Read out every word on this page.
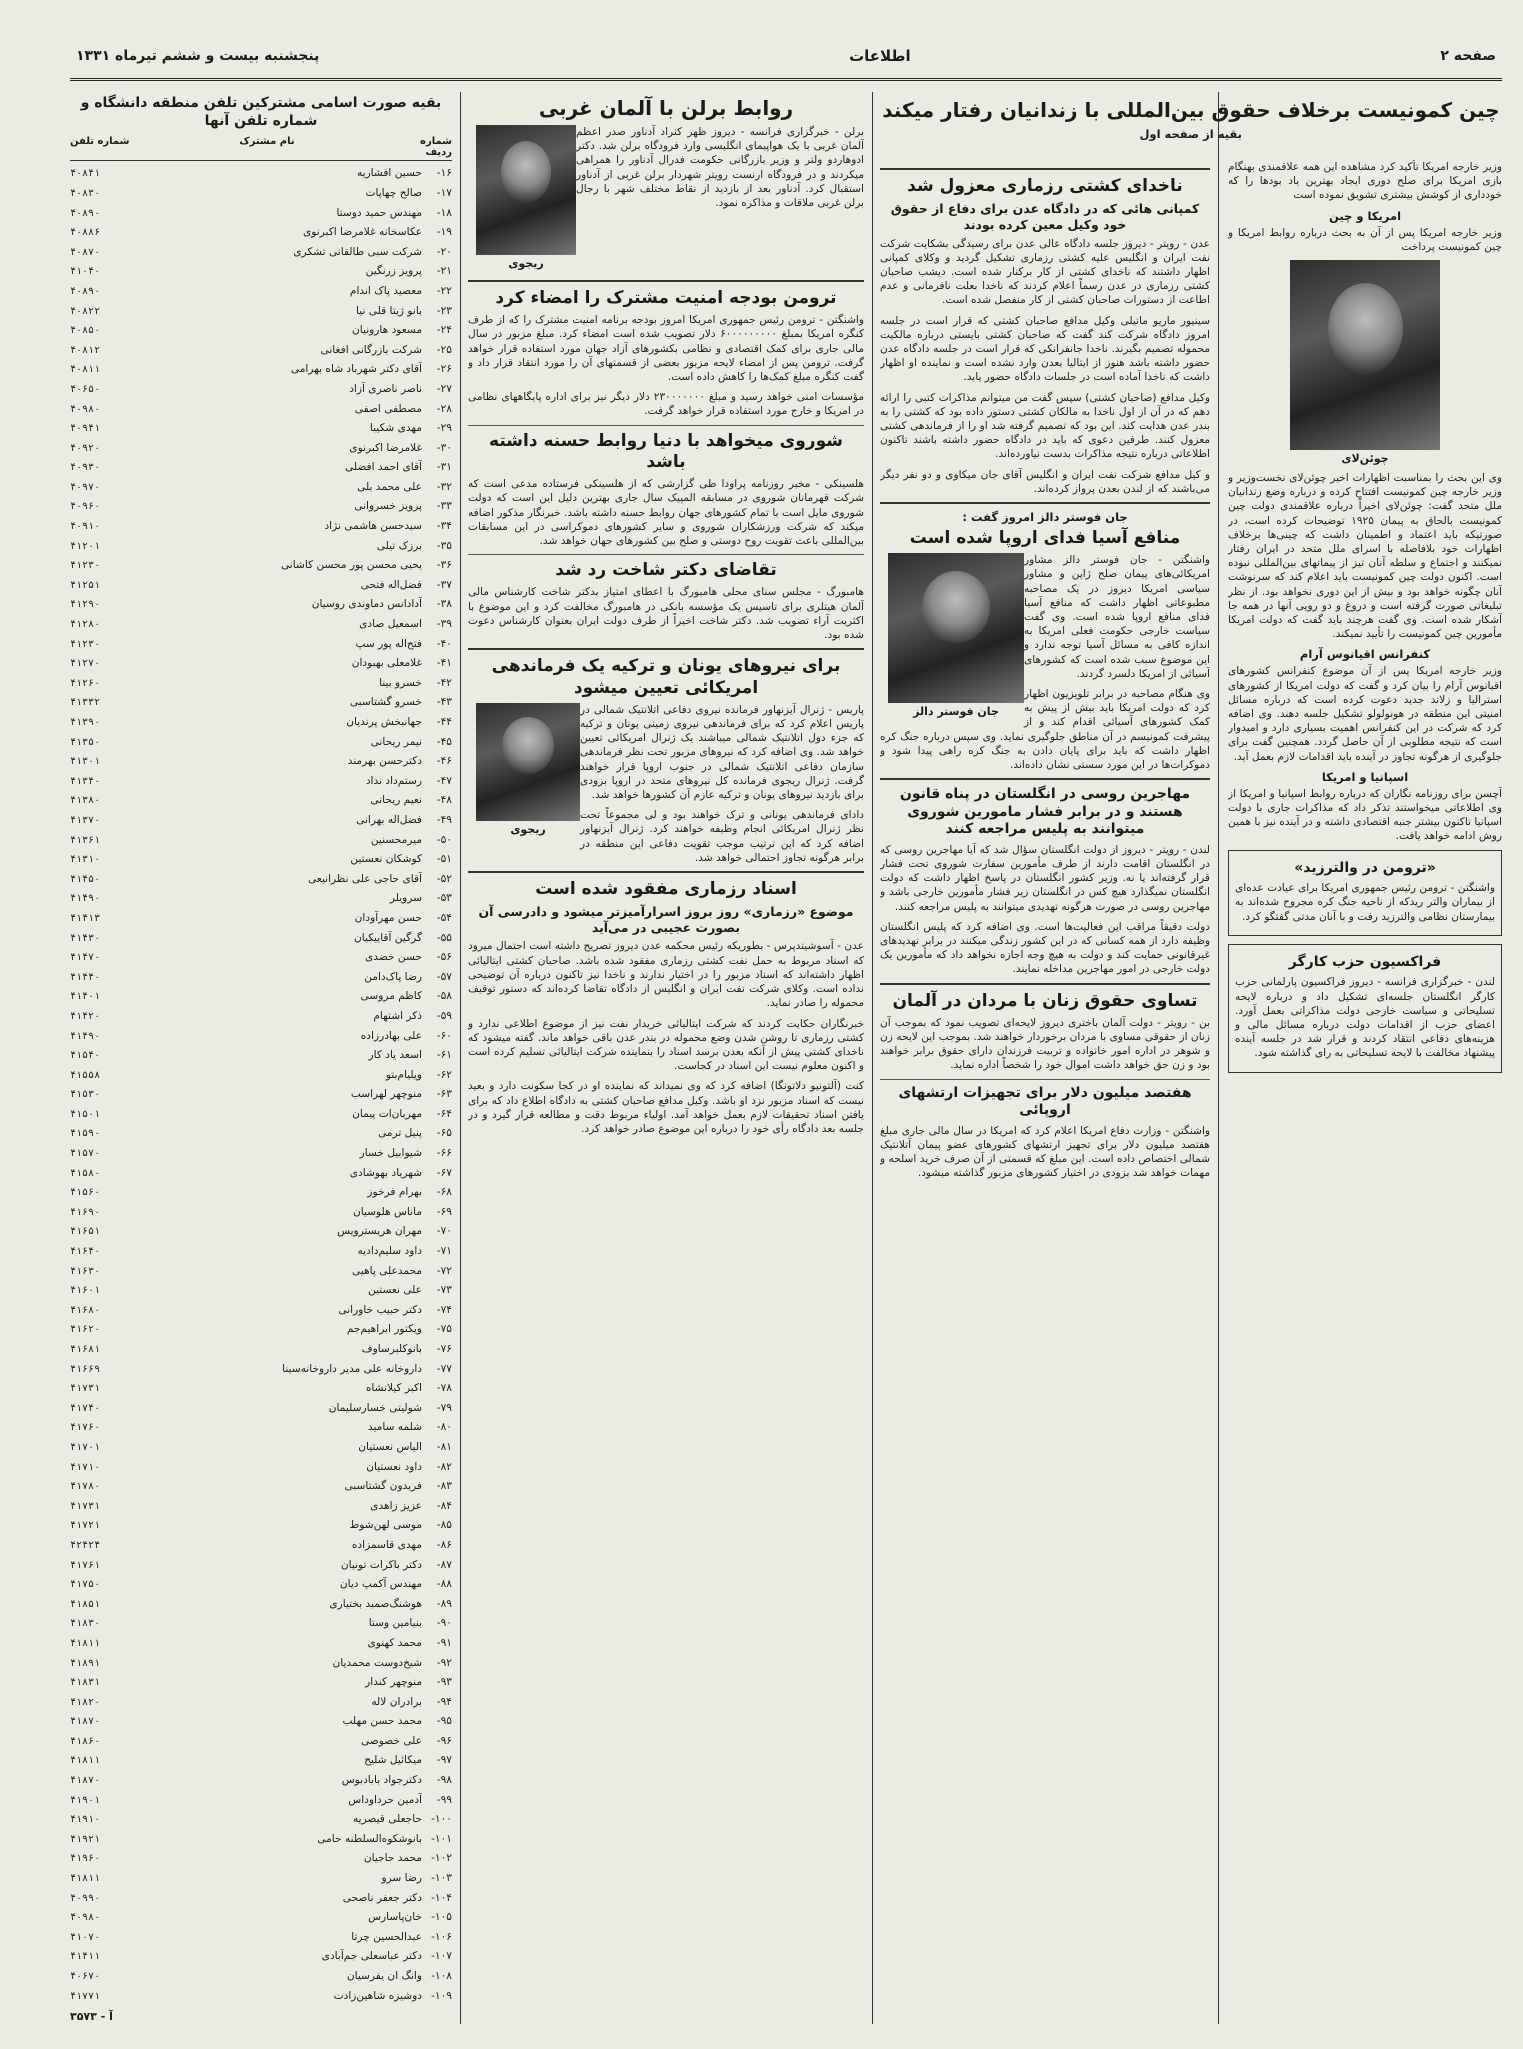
صفحه ۲
اطلاعات
پنجشنبه بیست و ششم تیرماه ۱۳۳۱
چین کمونیست برخلاف حقوق بین‌المللی با زندانیان رفتار میکند
بقیه از صفحه اول

وزیر خارجه امریکا تأکید کرد مشاهده این همه علاقمندی بهنگام بازی امریکا برای صلح دوری ایجاد بهترین یاد بودها را که خودداری از کوشش بیشتری تشویق نموده است

امریکا و چین

وزیر خارجه امریکا پس از آن به بحث درباره روابط امریکا و چین کمونیست پرداخت

چوئن‌لای

وی این بحث را بمناسبت اظهارات اخیر چوئن‌لای نخست‌وزیر و وزیر خارجه چین کمونیست افتتاح کرده و درباره وضع زندانیان ملل متحد گفت: چوئن‌لای اخیراً درباره علاقمندی دولت چین کمونیست بالحاق به پیمان ۱۹۲۵ توضیحات کرده است، در صورتیکه باید اعتماد و اطمینان داشت که چینی‌ها برخلاف اظهارات خود بلافاصله با اسرای ملل متحد در ایران رفتار نمیکنند و اجتماع و سلطه آنان تیز از پیمانهای بین‌المللی نبوده است. اکنون دولت چین کمونیست باید اعلام کند که سرنوشت آنان چگونه خواهد بود و بیش از این دوری نخواهد بود. از نظر تبلیغاتی صورت گرفته است و دروغ و دو رویی آنها در همه جا آشکار شده است. وی گفت هرچند باید گفت که دولت امریکا مأمورین چین کمونیست را تأیید نمیکند.

کنفرانس اقیانوس آرام

وزیر خارجه امریکا پس از آن موضوع کنفرانس کشورهای اقیانوس آرام را بیان کرد و گفت که دولت امریکا از کشورهای استرالیا و زلاند جدید دعوت کرده است که درباره مسائل امنیتی این منطقه در هونولولو تشکیل جلسه دهند. وی اضافه کرد که شرکت در این کنفرانس اهمیت بسیاری دارد و امیدوار است که نتیجه مطلوبی از آن حاصل گردد. همچنین گفت برای جلوگیری از هرگونه تجاوز در آینده باید اقدامات لازم بعمل آید.

اسپانیا و امریکا

آچسن برای روزنامه نگاران که درباره روابط اسپانیا و امریکا از وی اطلاعاتی میخواستند تذکر داد که مذاکرات جاری با دولت اسپانیا تاکنون بیشتر جنبه اقتصادی داشته و در آینده نیز با همین روش ادامه خواهد یافت.

«ترومن در والترزید»

واشنگتن - ترومن رئیس جمهوری امریکا برای عیادت عده‌ای از بیماران والتر ریدکه از ناحیه جنگ کره مجروح شده‌اند به بیمارستان نظامی والترزید رفت و با آنان مدتی گفتگو کرد.

فراکسیون حزب کارگر

لندن - خبرگزاری فرانسه - دیروز فراکسیون پارلمانی حزب کارگر انگلستان جلسه‌ای تشکیل داد و درباره لایحه تسلیحاتی و سیاست خارجی دولت مذاکراتی بعمل آورد. اعضای حزب از اقدامات دولت درباره مسائل مالی و هزینه‌های دفاعی انتقاد کردند و قرار شد در جلسه آینده پیشنهاد مخالفت با لایحه تسلیحاتی به رای گذاشته شود.

ناخدای کشتی رزماری معزول شد
کمپانی هائی که در دادگاه عدن برای دفاع از حقوق خود وکیل معین کرده بودند

عدن - رویتر - دیروز جلسه دادگاه عالی عدن برای رسیدگی بشکایت شرکت نفت ایران و انگلیس علیه کشتی رزماری تشکیل گردید و وکلای کمپانی اظهار داشتند که ناخدای کشتی از کار برکنار شده است. دیشب صاحبان کشتی رزماری در عدن رسماً اعلام کردند که ناخدا بعلت نافرمانی و عدم اطاعت از دستورات صاحبان کشتی از کار منفصل شده است.

سینیور ماریو ماتیلی وکیل مدافع صاحبان کشتی که قرار است در جلسه امروز دادگاه شرکت کند گفت که صاحبان کشتی بایستی درباره مالکیت محموله تصمیم بگیرند. ناخدا جانفرانکی که قرار است در جلسه دادگاه عدن حضور داشته باشد هنوز از ایتالیا بعدن وارد نشده است و نماینده او اظهار داشت که ناخدا آماده است در جلسات دادگاه حضور یابد.

وکیل مدافع (صاحبان کشتی) سپس گفت من میتوانم مذاکرات کتبی را ارائه دهم که در آن از اول ناخدا به مالکان کشتی دستور داده بود که کشتی را به بندر عدن هدایت کند. این بود که تصمیم گرفته شد او را از فرماندهی کشتی معزول کنند. طرفین دعوی که باید در دادگاه حضور داشته باشند تاکنون اطلاعاتی درباره نتیجه مذاکرات بدست نیاورده‌اند.

و کیل مدافع شرکت نفت ایران و انگلیس آقای جان میکاوی و دو نفر دیگر می‌باشند که از لندن بعدن پرواز کرده‌اند.

جان فوستر دالز امروز گفت :
منافع آسیا فدای اروپا شده است
جان فوستر دالز

واشنگتن - جان فوستر دالز مشاور امریکائی‌های پیمان صلح ژاپن و مشاور سیاسی امریکا دیروز در یک مصاحبه مطبوعاتی اظهار داشت که منافع آسیا فدای منافع اروپا شده است. وی گفت سیاست خارجی حکومت فعلی امریکا به اندازه کافی به مسائل آسیا توجه ندارد و این موضوع سبب شده است که کشورهای آسیائی از امریکا دلسرد گردند.

وی هنگام مصاحبه در برابر تلویزیون اظهار کرد که دولت امریکا باید بیش از پیش به کمک کشورهای آسیائی اقدام کند و از پیشرفت کمونیسم در آن مناطق جلوگیری نماید. وی سپس درباره جنگ کره اظهار داشت که باید برای پایان دادن به جنگ کره راهی پیدا شود و دموکرات‌ها در این مورد سستی نشان داده‌اند.

مهاجرین روسی در انگلستان در پناه قانون هستند و در برابر فشار مامورین شوروی میتوانند به پلیس مراجعه کنند

لندن - رویتر - دیروز از دولت انگلستان سؤال شد که آیا مهاجرین روسی که در انگلستان اقامت دارند از طرف مأمورین سفارت شوروی تحت فشار قرار گرفته‌اند یا نه. وزیر کشور انگلستان در پاسخ اظهار داشت که دولت انگلستان نمیگذارد هیچ کس در انگلستان زیر فشار مأمورین خارجی باشد و مهاجرین روسی در صورت هرگونه تهدیدی میتوانند به پلیس مراجعه کنند.

دولت دقیقاً مراقب این فعالیت‌ها است. وی اضافه کرد که پلیس انگلستان وظیفه دارد از همه کسانی که در این کشور زندگی میکنند در برابر تهدیدهای غیرقانونی حمایت کند و دولت به هیچ وجه اجازه نخواهد داد که مأمورین یک دولت خارجی در امور مهاجرین مداخله نمایند.

تساوی حقوق زنان با مردان در آلمان

بن - رویتر - دولت آلمان باختری دیروز لایحه‌ای تصویب نمود که بموجب آن زنان از حقوقی مساوی با مردان برخوردار خواهند شد. بموجب این لایحه زن و شوهر در اداره امور خانواده و تربیت فرزندان دارای حقوق برابر خواهند بود و زن حق خواهد داشت اموال خود را شخصاً اداره نماید.

هفتصد میلیون دلار برای تجهیزات ارتشهای اروپائی

واشنگتن - وزارت دفاع امریکا اعلام کرد که امریکا در سال مالی جاری مبلغ هفتصد میلیون دلار برای تجهیز ارتشهای کشورهای عضو پیمان آتلانتیک شمالی اختصاص داده است. این مبلغ که قسمتی از آن صرف خرید اسلحه و مهمات خواهد شد بزودی در اختیار کشورهای مزبور گذاشته میشود.

روابط برلن با آلمان غربی
ریجوی

برلن - خبرگزاری فرانسه - دیروز ظهر کنراد آدناور صدر اعظم آلمان غربی با یک هواپیمای انگلیسی وارد فرودگاه برلن شد. دکتر ادوهاردو ولتر و وزیر بازرگانی حکومت فدرال آدناور را همراهی میکردند و در فرودگاه ارنست رویتر شهردار برلن غربی از آدناور استقبال کرد. آدناور بعد از بازدید از نقاط مختلف شهر با رجال برلن غربی ملاقات و مذاکره نمود.

ترومن بودجه امنیت مشترک را امضاء کرد

واشنگتن - ترومن رئیس جمهوری امریکا امروز بودجه برنامه امنیت مشترک را که از طرف کنگره امریکا بمبلغ ۶۰۰۰۰۰۰۰۰۰ دلار تصویب شده است امضاء کرد. مبلغ مزبور در سال مالی جاری برای کمک اقتصادی و نظامی بکشورهای آزاد جهان مورد استفاده قرار خواهد گرفت. ترومن پس از امضاء لایحه مزبور بعضی از قسمتهای آن را مورد انتقاد قرار داد و گفت کنگره مبلغ کمک‌ها را کاهش داده است.

مؤسسات امنی خواهد رسید و مبلغ ۲۳۰۰۰۰۰۰۰ دلار دیگر نیز برای اداره پایگاههای نظامی در امریکا و خارج مورد استفاده قرار خواهد گرفت.

شوروی میخواهد با دنیا روابط حسنه داشته باشد

هلسینکی - مخبر روزنامه پراودا طی گزارشی که از هلسینکی فرستاده مدعی است که شرکت قهرمانان شوروی در مسابقه المپیک سال جاری بهترین دلیل این است که دولت شوروی مایل است با تمام کشورهای جهان روابط حسنه داشته باشد. خبرنگار مذکور اضافه میکند که شرکت ورزشکاران شوروی و سایر کشورهای دموکراسی در این مسابقات بین‌المللی باعث تقویت روح دوستی و صلح بین کشورهای جهان خواهد شد.

تقاضای دکتر شاخت رد شد

هامبورگ - مجلس سنای محلی هامبورگ با اعطای امتیاز بدکتر شاخت کارشناس مالی آلمان هیتلری برای تاسیس یک مؤسسه بانکی در هامبورگ مخالفت کرد و این موضوع با اکثریت آراء تصویب شد. دکتر شاخت اخیراً از طرف دولت ایران بعنوان کارشناس دعوت شده بود.

برای نیروهای یونان و ترکیه یک فرماندهی امریکائی تعیین میشود
ریجوی

پاریس - ژنرال آیزنهاور فرمانده نیروی دفاعی اتلانتیک شمالی در پاریس اعلام کرد که برای فرماندهی نیروی زمینی یونان و ترکیه که جزء دول اتلانتیک شمالی میباشند یک ژنرال امریکائی تعیین خواهد شد. وی اضافه کرد که نیروهای مزبور تحت نظر فرماندهی سازمان دفاعی اتلانتیک شمالی در جنوب اروپا قرار خواهند گرفت. ژنرال ریجوی فرمانده کل نیروهای متحد در اروپا بزودی برای بازدید نیروهای یونان و ترکیه عازم آن کشورها خواهد شد.

دادای فرماندهی یونانی و ترک خواهند بود و لی مجموعاً تحت نظر ژنرال امریکائی انجام وظیفه خواهند کرد. ژنرال آیزنهاور اضافه کرد که این ترتیب موجب تقویت دفاعی این منطقه در برابر هرگونه تجاوز احتمالی خواهد شد.

اسناد رزماری مفقود شده است
موضوع «رزماری» روز بروز اسرارآمیزتر میشود و دادرسی آن بصورت عجیبی در می‌آید

عدن - آسوشیتدپرس - بطوریکه رئیس محکمه عدن دیروز تصریح داشته است احتمال میرود که اسناد مربوط به حمل نفت کشتی رزماری مفقود شده باشد. صاحبان کشتی ایتالیائی اظهار داشته‌اند که اسناد مزبور را در اختیار ندارند و ناخدا نیز تاکنون درباره آن توضیحی نداده است. وکلای شرکت نفت ایران و انگلیس از دادگاه تقاضا کرده‌اند که دستور توقیف محموله را صادر نماید.

خبرنگاران حکایت کردند که شرکت ایتالیائی خریدار نفت نیز از موضوع اطلاعی ندارد و کشتی رزماری تا روشن شدن وضع محموله در بندر عدن باقی خواهد ماند. گفته میشود که ناخدای کشتی پیش از آنکه بعدن برسد اسناد را بنماینده شرکت ایتالیائی تسلیم کرده است و اکنون معلوم نیست این اسناد در کجاست.

کنت (آلتونیو دلاتونگا) اضافه کرد که وی نمیداند که نماینده او در کجا سکونت دارد و بعید نیست که اسناد مزبور نزد او باشد. وکیل مدافع صاحبان کشتی به دادگاه اطلاع داد که برای یافتن اسناد تحقیقات لازم بعمل خواهد آمد. اولیاء مربوط دقت و مطالعه قرار گیرد و در جلسه بعد دادگاه رأی خود را درباره این موضوع صادر خواهد کرد.

بقیه صورت اسامی مشترکین تلفن منطقه دانشگاه و شماره تلفن آنها
شماره ردیف
نام مشترک
شماره تلفن
۱۶-
حسین افشاریه
۴۰۸۴۱
۱۷-
صالح چهاپات
۴۰۸۳۰
۱۸-
مهندس حمید دوستا
۴۰۸۹۰
۱۹-
عکاسخانه غلامرضا اکبرنوی
۴۰۸۸۶
۲۰-
شرکت سبی طالقانی تشکری
۴۰۸۷۰
۲۱-
پرویز زرنگین
۴۱۰۴۰
۲۲-
معصید پاک اندام
۴۰۸۹۰
۲۳-
بانو ژیتا قلی نیا
۴۰۸۲۲
۲۴-
مسعود هارونیان
۴۰۸۵۰
۲۵-
شرکت بازرگانی افغانی
۴۰۸۱۲
۲۶-
آقای دکتر شهرباد شاه بهرامی
۴۰۸۱۱
۲۷-
ناصر ناصری آزاد
۴۰۶۵۰
۲۸-
مصطفی اصفی
۴۰۹۸۰
۲۹-
مهدی شکیبا
۴۰۹۴۱
۳۰-
غلامرضا اکبرنوی
۴۰۹۲۰
۳۱-
آقای احمد افضلی
۴۰۹۳۰
۳۲-
علی محمد بلی
۴۰۹۷۰
۳۳-
پرویز خسروانی
۴۰۹۶۰
۳۴-
سیدحسن هاشمی نژاد
۴۰۹۱۰
۳۵-
برزک تیلی
۴۱۲۰۱
۳۶-
یحیی محسن پور محسن کاشانی
۴۱۲۳۰
۳۷-
فضل‌اله فتحی
۴۱۲۵۱
۳۸-
آدادانس دماوندی روسیان
۴۱۲۹۰
۳۹-
اسمعیل صادی
۴۱۲۸۰
۴۰-
فتح‌اله پور سپ
۴۱۲۳۰
۴۱-
غلامعلی بهبودان
۴۱۲۷۰
۴۲-
خسرو بینا
۴۱۲۶۰
۴۳-
خسرو گشتاسبی
۴۱۳۳۲
۴۴-
جهانبخش پرندیان
۴۱۳۹۰
۴۵-
نیمر ریحانی
۴۱۳۵۰
۴۶-
دکترحسن بهرمند
۴۱۳۰۱
۴۷-
رستم‌داد نداد
۴۱۳۴۰
۴۸-
نعیم ریحانی
۴۱۳۸۰
۴۹-
فضل‌اله بهرانی
۴۱۳۷۰
۵۰-
میرمحسنین
۴۱۳۶۱
۵۱-
کوشکان نعستین
۴۱۳۱۰
۵۲-
آقای حاجی علی نظرانیعی
۴۱۴۵۰
۵۳-
سرویلر
۴۱۴۹۰
۵۴-
حسن مهرآودان
۴۱۴۱۳
۵۵-
گرگین آقاییکیان
۴۱۴۳۰
۵۶-
حسن خضدی
۴۱۴۷۰
۵۷-
رضا پاک‌دامن
۴۱۴۴۰
۵۸-
کاظم مروسی
۴۱۴۰۱
۵۹-
ذکر اشتهام
۴۱۴۲۰
۶۰-
علی بهادرزاده
۴۱۴۹۰
۶۱-
اسعد یاد کار
۴۱۵۴۰
۶۲-
ویلیام‌بتو
۴۱۵۵۸
۶۳-
منوچهر لهراسب
۴۱۵۳۰
۶۴-
مهربان‌ات پیمان
۴۱۵۰۱
۶۵-
پنیل ترمی
۴۱۵۹۰
۶۶-
شیوابیل خسار
۴۱۵۷۰
۶۷-
شهریاد بهوشادی
۴۱۵۸۰
۶۸-
بهرام فرخوز
۴۱۵۶۰
۶۹-
ماناس هلوسیان
۴۱۶۹۰
۷۰-
مهران هریسترویس
۴۱۶۵۱
۷۱-
داود سلیم‌دادیه
۴۱۶۴۰
۷۲-
محمدعلی پاهیی
۴۱۶۳۰
۷۳-
علی نعستین
۴۱۶۰۱
۷۴-
دکتر حبیب خاورانی
۴۱۶۸۰
۷۵-
ویکتور ابراهیم‌جم
۴۱۶۲۰
۷۶-
بانوکلبرساوف
۴۱۶۸۱
۷۷-
داروخانه علی مدیر داروخانه‌سینا
۴۱۶۶۹
۷۸-
اکبر کیلانشاه
۴۱۷۳۱
۷۹-
شولیتی خسارسلیمان
۴۱۷۴۰
۸۰-
شلمه سامید
۴۱۷۶۰
۸۱-
الیاس نعستیان
۴۱۷۰۱
۸۲-
داود نعستیان
۴۱۷۱۰
۸۳-
فریدون گشتاسبی
۴۱۷۸۰
۸۴-
عزیز زاهدی
۴۱۷۳۱
۸۵-
موسی لهن‌شوط
۴۱۷۲۱
۸۶-
مهدی قاسمزاده
۴۲۴۲۴
۸۷-
دکتر باکرات تونیان
۴۱۷۶۱
۸۸-
مهندس آکمپ دیان
۴۱۷۵۰
۸۹-
هوشنگ‌صمبد بختیاری
۴۱۸۵۱
۹۰-
بنیامین وستا
۴۱۸۳۰
۹۱-
محمد کهنوی
۴۱۸۱۱
۹۲-
شیخ‌دوست محمدیان
۴۱۸۹۱
۹۳-
منوچهر کندار
۴۱۸۳۱
۹۴-
برادران لاله
۴۱۸۲۰
۹۵-
محمد حسن مهلب
۴۱۸۷۰
۹۶-
علی خصوصی
۴۱۸۶۰
۹۷-
میکائیل شلیح
۴۱۸۱۱
۹۸-
دکترجواد بابادبوس
۴۱۸۷۰
۹۹-
آدمین حرداوداس
۴۱۹۰۱
۱۰۰-
حاجعلی قیصریه
۴۱۹۱۰
۱۰۱-
بانوشکوه‌السلطنه حامی
۴۱۹۲۱
۱۰۲-
محمد حاجیان
۴۱۹۶۰
۱۰۳-
رضا سرو
۴۱۸۱۱
۱۰۴-
دکتر جعفر ناصحی
۴۰۹۹۰
۱۰۵-
خان‌پاسارس
۴۰۹۸۰
۱۰۶-
عبدالحسین چرتا
۴۱۰۷۰
۱۰۷-
دکتر عباسعلی جم‌آبادی
۴۱۴۱۱
۱۰۸-
وانگ ان یفرسیان
۴۰۶۷۰
۱۰۹-
دوشیزه شاهین‌زادت
۴۱۷۷۱
آ - ۳۵۷۳
